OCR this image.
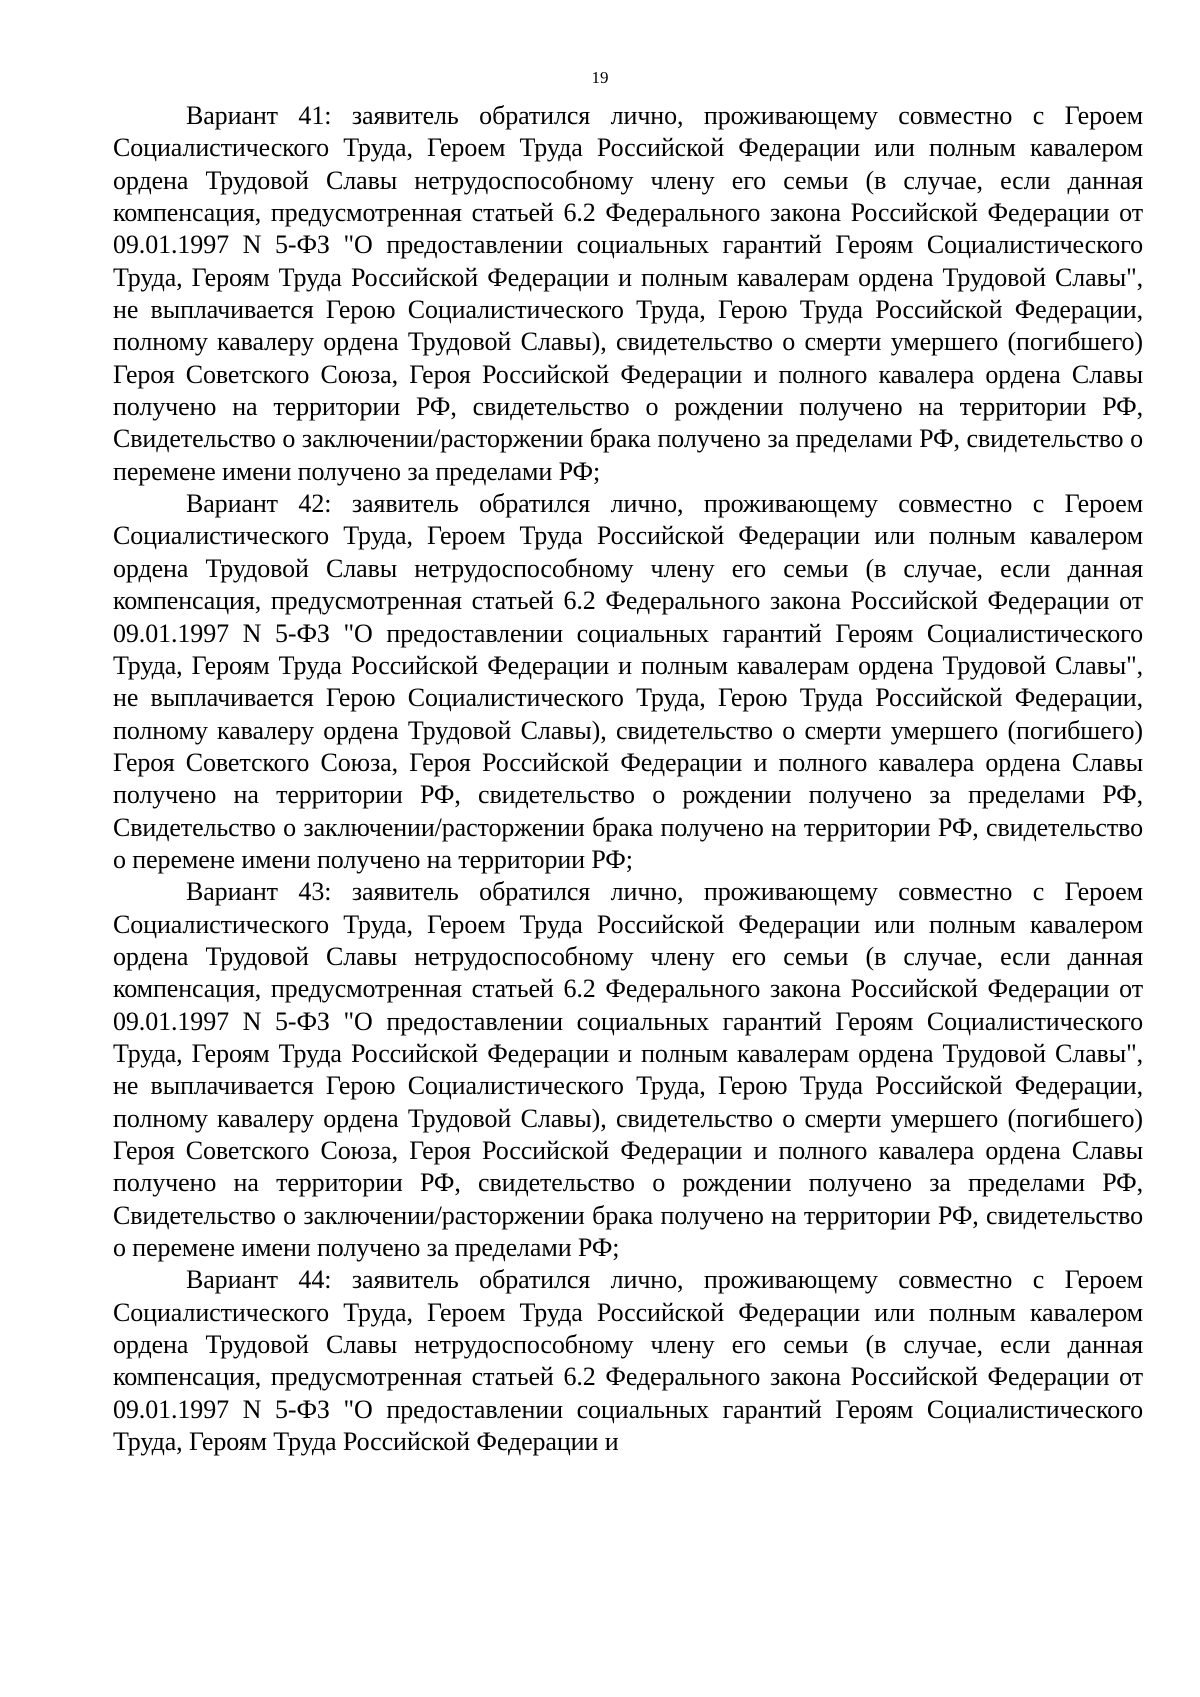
19

Вариант 41: заявитель обратился лично, проживающему совместно с Героем Социалистического Труда, Героем Труда Российской Федерации или полным кавалером ордена Трудовой Славы нетрудоспособному члену его семьи (в случае, если данная компенсация, предусмотренная статьей 6.2 Федерального закона Российской Федерации от 09.01.1997 N 5-ФЗ "О предоставлении социальных гарантий Героям Социалистического Труда, Героям Труда Российской Федерации и полным кавалерам ордена Трудовой Славы", не выплачивается Герою Социалистического Труда, Герою Труда Российской Федерации, полному кавалеру ордена Трудовой Славы), свидетельство о смерти умершего (погибшего) Героя Советского Союза, Героя Российской Федерации и полного кавалера ордена Славы получено на территории РФ, свидетельство о рождении получено на территории РФ, Свидетельство о заключении/расторжении брака получено за пределами РФ, свидетельство о перемене имени получено за пределами РФ;

Вариант 42: заявитель обратился лично, проживающему совместно с Героем Социалистического Труда, Героем Труда Российской Федерации или полным кавалером ордена Трудовой Славы нетрудоспособному члену его семьи (в случае, если данная компенсация, предусмотренная статьей 6.2 Федерального закона Российской Федерации от 09.01.1997 N 5-ФЗ "О предоставлении социальных гарантий Героям Социалистического Труда, Героям Труда Российской Федерации и полным кавалерам ордена Трудовой Славы", не выплачивается Герою Социалистического Труда, Герою Труда Российской Федерации, полному кавалеру ордена Трудовой Славы), свидетельство о смерти умершего (погибшего) Героя Советского Союза, Героя Российской Федерации и полного кавалера ордена Славы получено на территории РФ, свидетельство о рождении получено за пределами РФ, Свидетельство о заключении/расторжении брака получено на территории РФ, свидетельство о перемене имени получено на территории РФ;

Вариант 43: заявитель обратился лично, проживающему совместно с Героем Социалистического Труда, Героем Труда Российской Федерации или полным кавалером ордена Трудовой Славы нетрудоспособному члену его семьи (в случае, если данная компенсация, предусмотренная статьей 6.2 Федерального закона Российской Федерации от 09.01.1997 N 5-ФЗ "О предоставлении социальных гарантий Героям Социалистического Труда, Героям Труда Российской Федерации и полным кавалерам ордена Трудовой Славы", не выплачивается Герою Социалистического Труда, Герою Труда Российской Федерации, полному кавалеру ордена Трудовой Славы), свидетельство о смерти умершего (погибшего) Героя Советского Союза, Героя Российской Федерации и полного кавалера ордена Славы получено на территории РФ, свидетельство о рождении получено за пределами РФ, Свидетельство о заключении/расторжении брака получено на территории РФ, свидетельство о перемене имени получено за пределами РФ;

Вариант 44: заявитель обратился лично, проживающему совместно с Героем Социалистического Труда, Героем Труда Российской Федерации или полным кавалером ордена Трудовой Славы нетрудоспособному члену его семьи (в случае, если данная компенсация, предусмотренная статьей 6.2 Федерального закона Российской Федерации от 09.01.1997 N 5-ФЗ "О предоставлении социальных гарантий Героям Социалистического Труда, Героям Труда Российской Федерации и
